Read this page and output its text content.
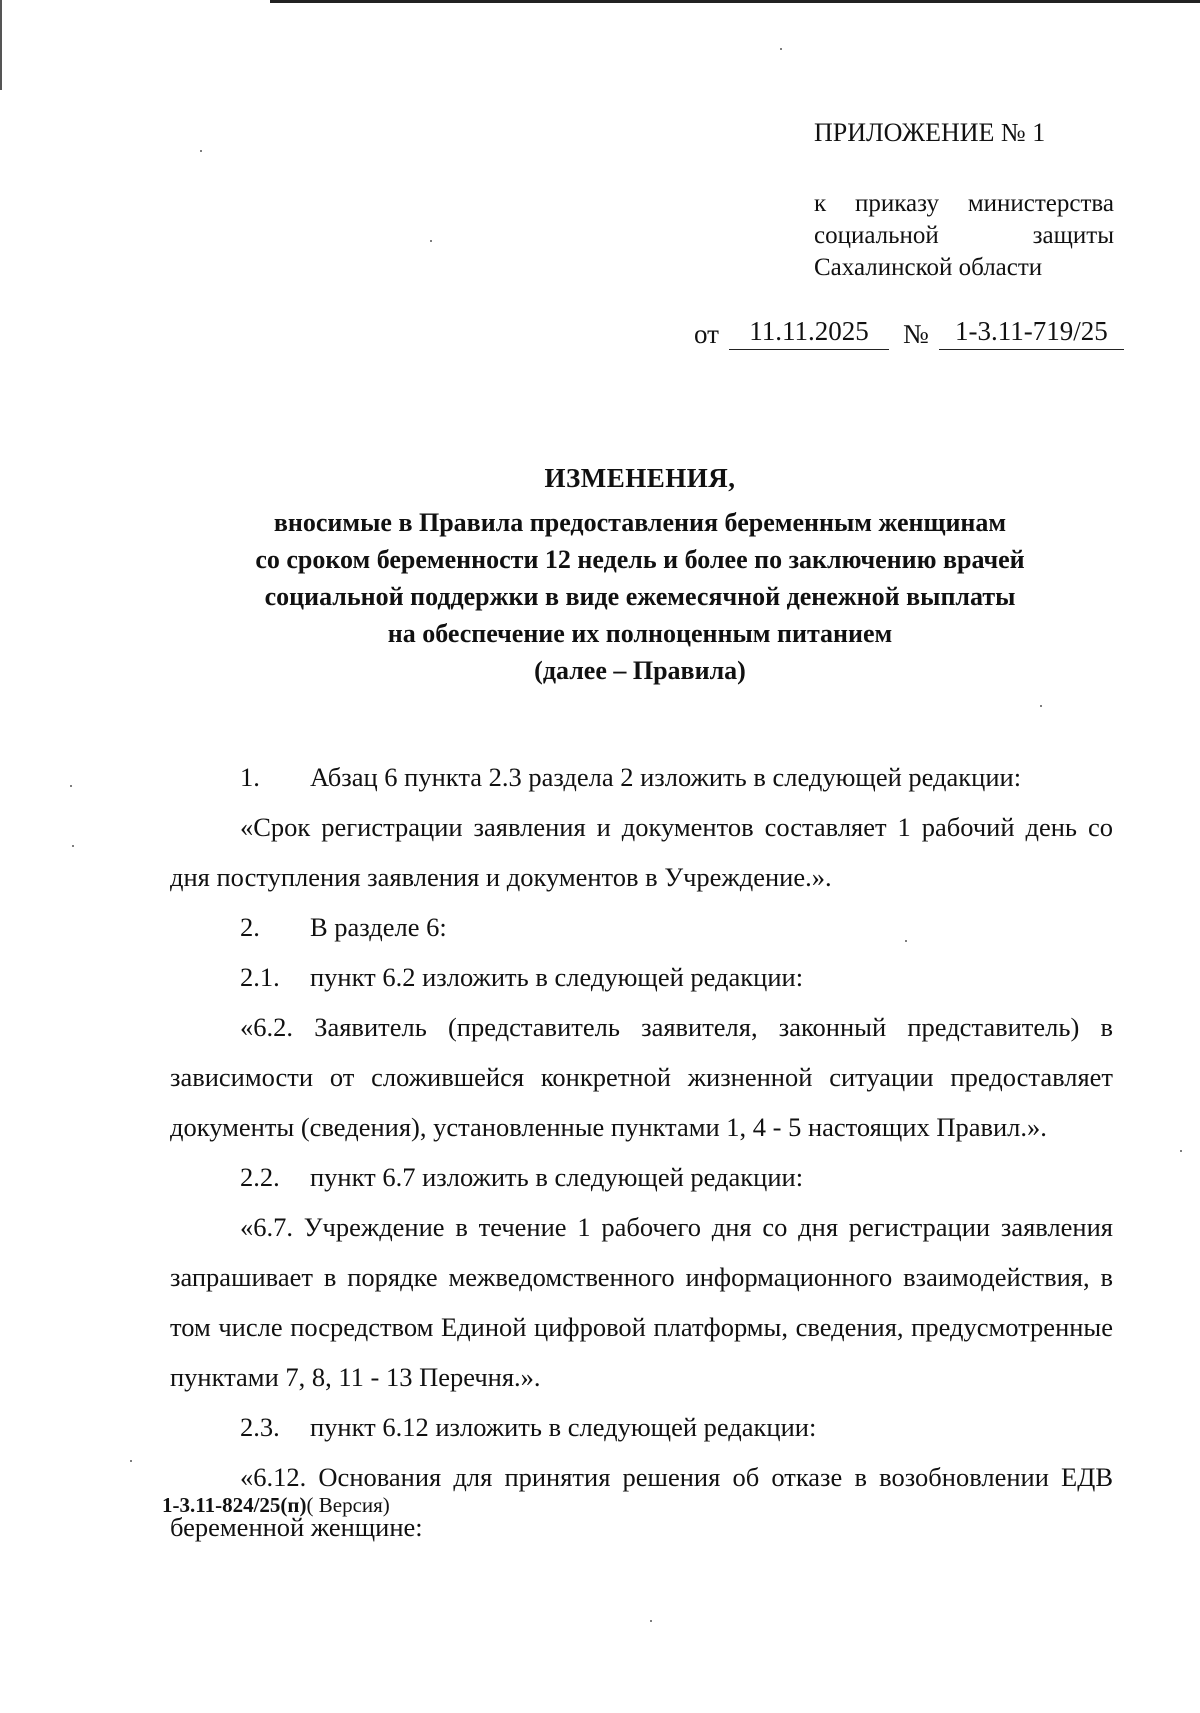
ПРИЛОЖЕНИЕ № 1
к приказу министерства
социальной	защиты
Сахалинской области
от	11.11.2025	№ 1-3.11-719/25
ИЗМЕНЕНИЯ,
вносимые в Правила предоставления беременным женщинам
со сроком беременности 12 недель и более по заключению врачей
социальной поддержки в виде ежемесячной денежной выплаты
на обеспечение их полноценным питанием
(далее – Правила)
1.	Абзац 6 пункта 2.3 раздела 2 изложить в следующей редакции:

«Срок регистрации заявления и документов составляет 1 рабочий день со дня поступления заявления и документов в Учреждение.».

2.	В разделе 6:
2.1.	пункт 6.2 изложить в следующей редакции:

«6.2. Заявитель (представитель заявителя, законный представитель) в зависимости от сложившейся конкретной жизненной ситуации предоставляет документы (сведения), установленные пунктами 1, 4 - 5 настоящих Правил.».

2.2.	пункт 6.7 изложить в следующей редакции:

«6.7. Учреждение в течение 1 рабочего дня со дня регистрации заявления запрашивает в порядке межведомственного информационного взаимодействия, в том числе посредством Единой цифровой платформы, сведения, предусмотренные пунктами 7, 8, 11 - 13 Перечня.».

2.3.	пункт 6.12 изложить в следующей редакции:

«6.12. Основания для принятия решения об отказе в возобновлении ЕДВ беременной женщине:

1-3.11-824/25(п)( Версия)
